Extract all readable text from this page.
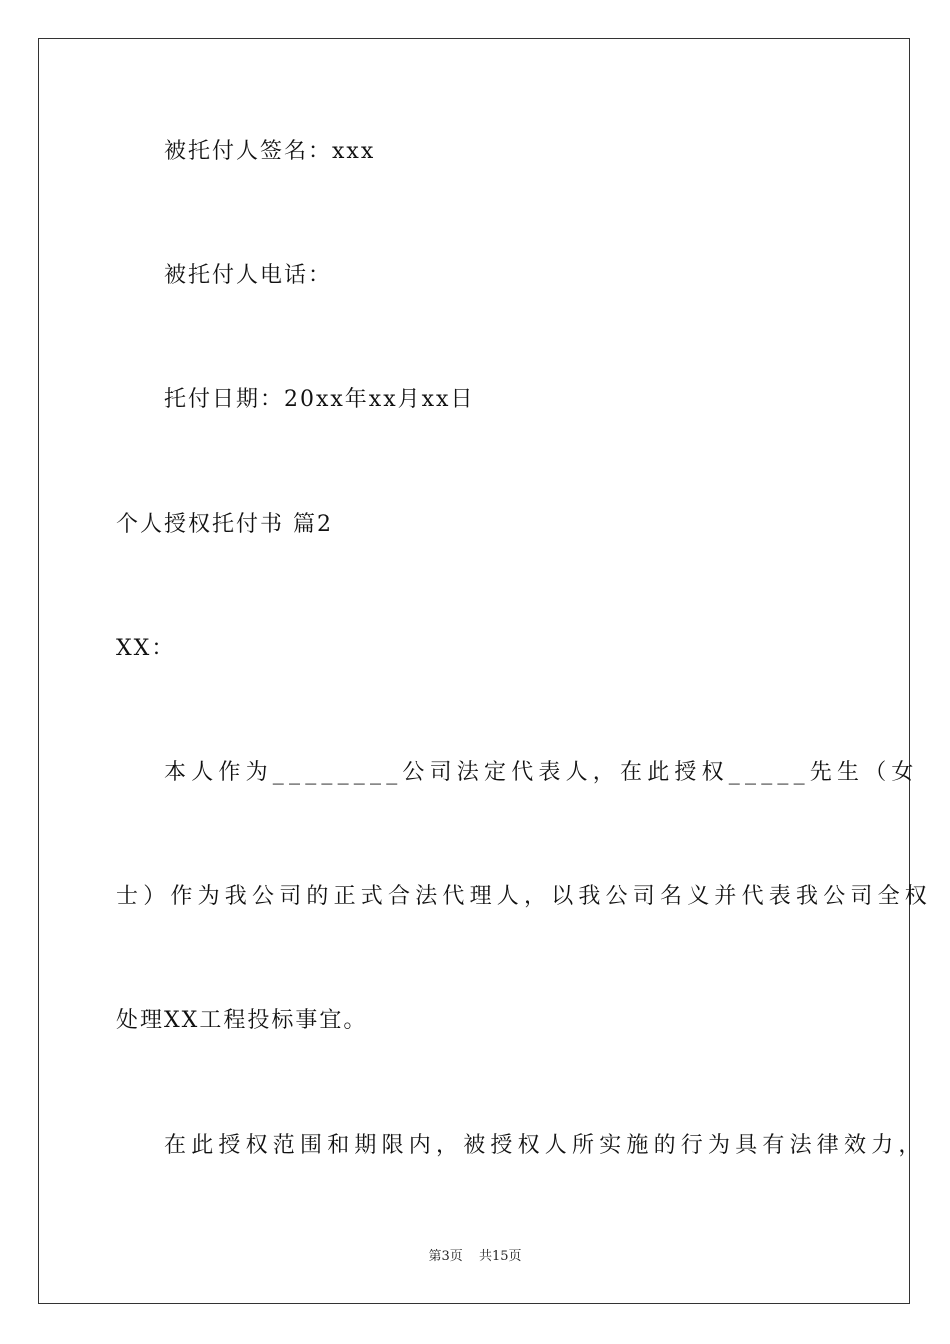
被托付人签名：xxx
被托付人电话：
托付日期：20xx年xx月xx日
个人授权托付书 篇2
XX：
本人作为________公司法定代表人，在此授权_____先生（女
士）作为我公司的正式合法代理人，以我公司名义并代表我公司全权
处理XX工程投标事宜。
在此授权范围和期限内，被授权人所实施的行为具有法律效力，
第3页 共15页
